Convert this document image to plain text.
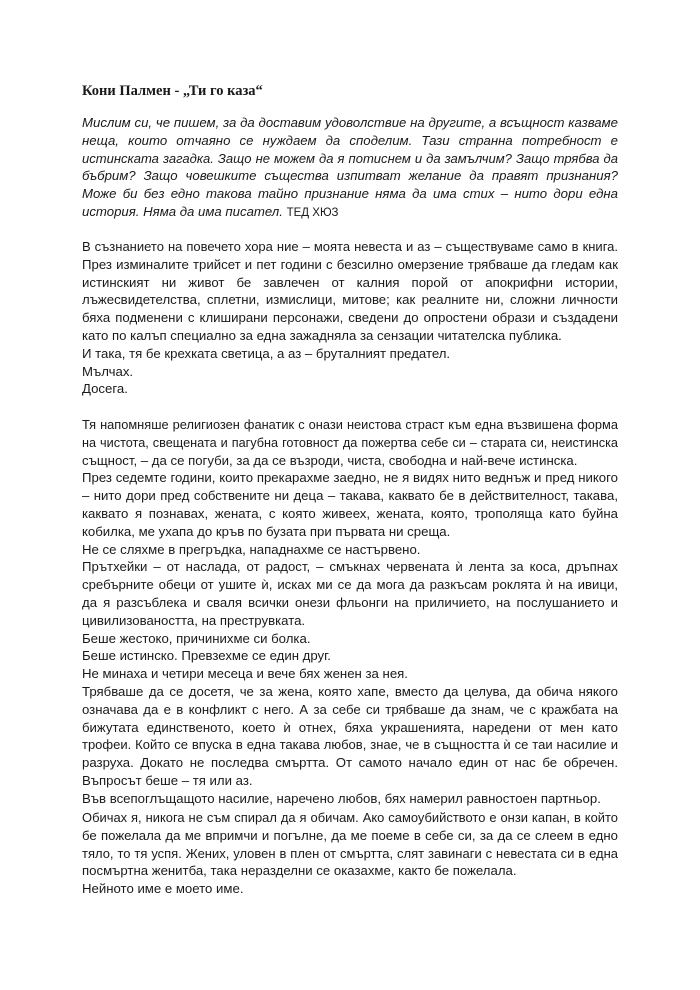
Кони Палмен - „Ти го каза“
Мислим си, че пишем, за да доставим удоволствие на другите, а всъщност казваме
неща, които отчаяно се нуждаем да споделим. Тази странна потребност е
истинската загадка. Защо не можем да я потиснем и да замълчим? Защо трябва да
бъбрим? Защо човешките същества изпитват желание да правят признания?
Може би без едно такова тайно признание няма да има стих – нито дори една
история. Няма да има писател. ТЕД ХЮЗ
В съзнанието на повечето хора ние – моята невеста и аз – съществуваме само в книга.
През изминалите трийсет и пет години с безсилно омерзение трябваше да гледам как
истинският ни живот бе завлечен от калния порой от апокрифни истории,
лъжесвидетелства, сплетни, измислици, митове; как реалните ни, сложни личности
бяха подменени с клиширани персонажи, сведени до опростени образи и създадени
като по калъп специално за една зажадняла за сензации читателска публика.
И така, тя бе крехката светица, а аз – бруталният предател.
Мълчах.
Досега.
Тя напомняше религиозен фанатик с онази неистова страст към една възвишена форма
на чистота, свещената и пагубна готовност да пожертва себе си – старата си, неистинска
същност, – да се погуби, за да се възроди, чиста, свободна и най-вече истинска.
През седемте години, които прекарахме заедно, не я видях нито веднъж и пред никого
– нито дори пред собствените ни деца – такава, каквато бе в действителност, такава,
каквато я познавах, жената, с която живеех, жената, която, трополяща като буйна
кобилка, ме ухапа до кръв по бузата при първата ни среща.
Не се сляхме в прегръдка, нападнахме се настървено.
Прътхейки – от наслада, от радост, – смъкнах червената ѝ лента за коса, дръпнах
сребърните обеци от ушите ѝ, исках ми се да мога да разкъсам роклята ѝ на ивици,
да я разсъблека и сваля всички онези фльонги на приличието, на послушанието и
цивилизоваността, на преструвката.
Беше жестоко, причинихме си болка.
Беше истинско. Превзехме се един друг.
Не минаха и четири месеца и вече бях женен за нея.
Трябваше да се досетя, че за жена, която хапе, вместо да целува, да обича някого
означава да е в конфликт с него. А за себе си трябваше да знам, че с кражбата на
бижутата единственото, което ѝ отнех, бяха украшенията, наредени от мен като
трофеи. Който се впуска в една такава любов, знае, че в същността ѝ се таи насилие и
разруха. Докато не последва смъртта. От самото начало един от нас бе обречен.
Въпросът беше – тя или аз.
Във всепоглъщащото насилие, наречено любов, бях намерил равностоен партньор.
Обичах я, никога не съм спирал да я обичам. Ако самоубийството е онзи капан, в който
бе пожелала да ме впримчи и погълне, да ме поеме в себе си, за да се слеем в едно
тяло, то тя успя. Жених, уловен в плен от смъртта, слят завинаги с невестата си в една
посмъртна женитба, така неразделни се оказахме, както бе пожелала.
Нейното име е моето име.
